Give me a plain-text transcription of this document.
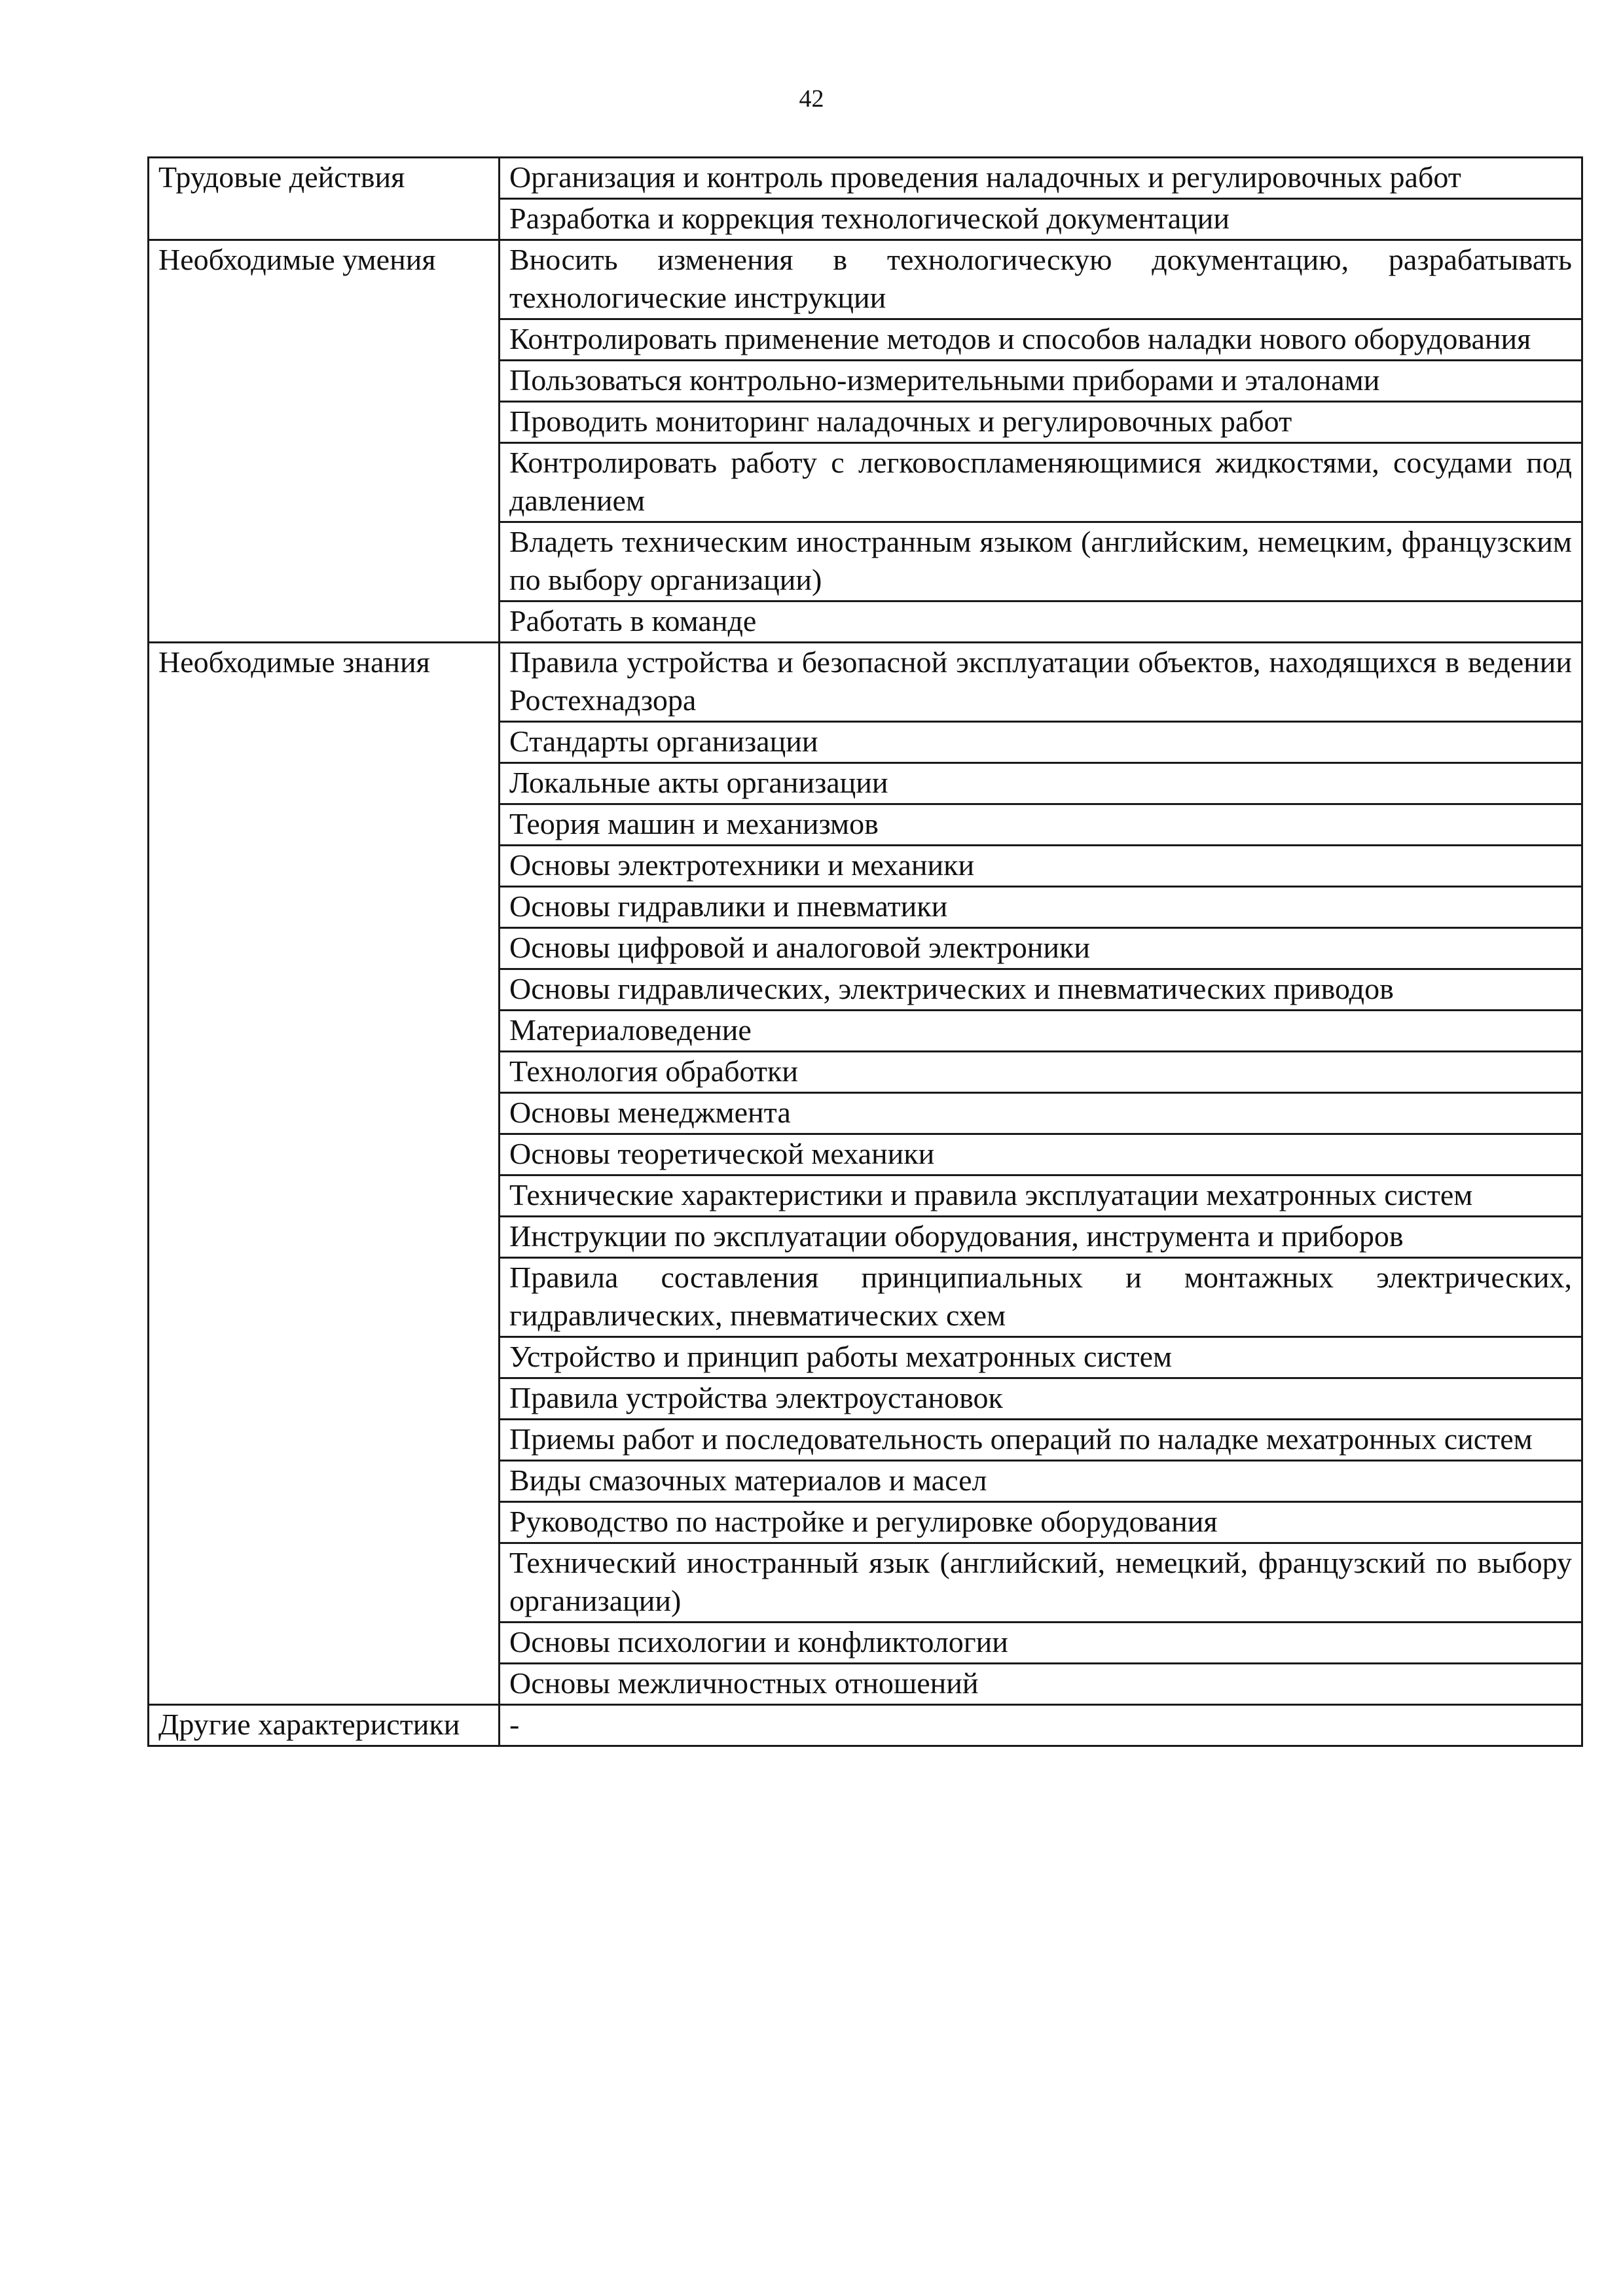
42
Трудовые действия	Организация и контроль проведения наладочных и регулировочных работ
	Разработка и коррекция технологической документации
Необходимые умения	Вносить изменения в технологическую документацию, разрабатывать технологические инструкции
	Контролировать применение методов и способов наладки нового оборудования
	Пользоваться контрольно-измерительными приборами и эталонами
	Проводить мониторинг наладочных и регулировочных работ
	Контролировать работу с легковоспламеняющимися жидкостями, сосудами под давлением
	Владеть техническим иностранным языком (английским, немецким, французским по выбору организации)
	Работать в команде
Необходимые знания	Правила устройства и безопасной эксплуатации объектов, находящихся в ведении Ростехнадзора
	Стандарты организации
	Локальные акты организации
	Теория машин и механизмов
	Основы электротехники и механики
	Основы гидравлики и пневматики
	Основы цифровой и аналоговой электроники
	Основы гидравлических, электрических и пневматических приводов
	Материаловедение
	Технология обработки
	Основы менеджмента
	Основы теоретической механики
	Технические характеристики и правила эксплуатации мехатронных систем
	Инструкции по эксплуатации оборудования, инструмента и приборов
	Правила составления принципиальных и монтажных электрических, гидравлических, пневматических схем
	Устройство и принцип работы мехатронных систем
	Правила устройства электроустановок
	Приемы работ и последовательность операций по наладке мехатронных систем
	Виды смазочных материалов и масел
	Руководство по настройке и регулировке оборудования
	Технический иностранный язык (английский, немецкий, французский по выбору организации)
	Основы психологии и конфликтологии
	Основы межличностных отношений
Другие характеристики	-
